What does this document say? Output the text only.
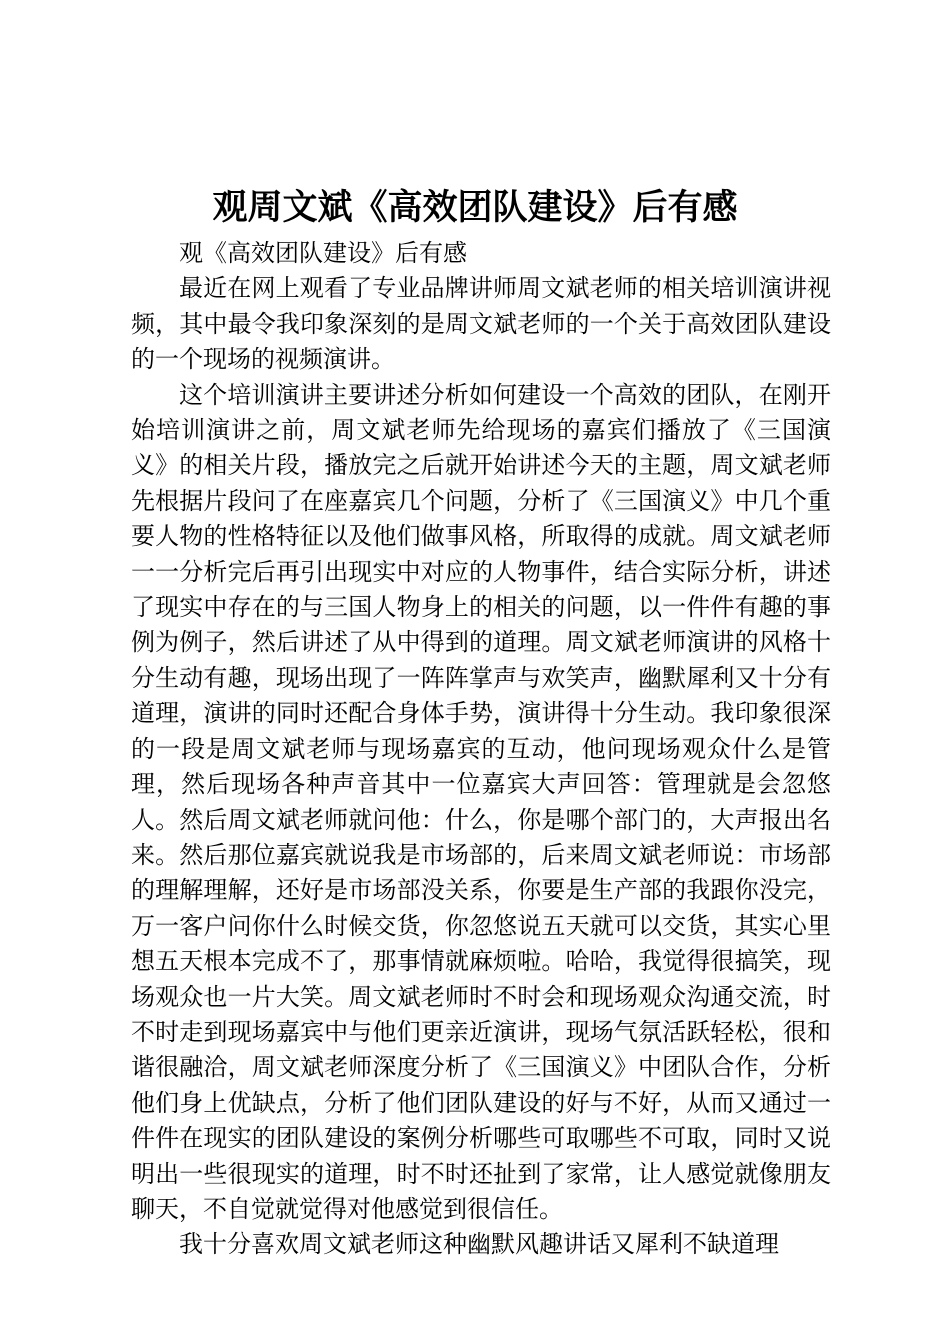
观周文斌《高效团队建设》后有感

观《高效团队建设》后有感

最近在网上观看了专业品牌讲师周文斌老师的相关培训演讲视频，其中最令我印象深刻的是周文斌老师的一个关于高效团队建设的一个现场的视频演讲。

这个培训演讲主要讲述分析如何建设一个高效的团队，在刚开始培训演讲之前，周文斌老师先给现场的嘉宾们播放了《三国演义》的相关片段，播放完之后就开始讲述今天的主题，周文斌老师先根据片段问了在座嘉宾几个问题，分析了《三国演义》中几个重要人物的性格特征以及他们做事风格，所取得的成就。周文斌老师一一分析完后再引出现实中对应的人物事件，结合实际分析，讲述了现实中存在的与三国人物身上的相关的问题，以一件件有趣的事例为例子，然后讲述了从中得到的道理。周文斌老师演讲的风格十分生动有趣，现场出现了一阵阵掌声与欢笑声，幽默犀利又十分有道理，演讲的同时还配合身体手势，演讲得十分生动。我印象很深的一段是周文斌老师与现场嘉宾的互动，他问现场观众什么是管理，然后现场各种声音其中一位嘉宾大声回答：管理就是会忽悠人。然后周文斌老师就问他：什么，你是哪个部门的，大声报出名来。然后那位嘉宾就说我是市场部的，后来周文斌老师说：市场部的理解理解，还好是市场部没关系，你要是生产部的我跟你没完，万一客户问你什么时候交货，你忽悠说五天就可以交货，其实心里想五天根本完成不了，那事情就麻烦啦。哈哈，我觉得很搞笑，现场观众也一片大笑。周文斌老师时不时会和现场观众沟通交流，时不时走到现场嘉宾中与他们更亲近演讲，现场气氛活跃轻松，很和谐很融洽，周文斌老师深度分析了《三国演义》中团队合作，分析他们身上优缺点，分析了他们团队建设的好与不好，从而又通过一件件在现实的团队建设的案例分析哪些可取哪些不可取，同时又说明出一些很现实的道理，时不时还扯到了家常，让人感觉就像朋友聊天，不自觉就觉得对他感觉到很信任。

我十分喜欢周文斌老师这种幽默风趣讲话又犀利不缺道理
